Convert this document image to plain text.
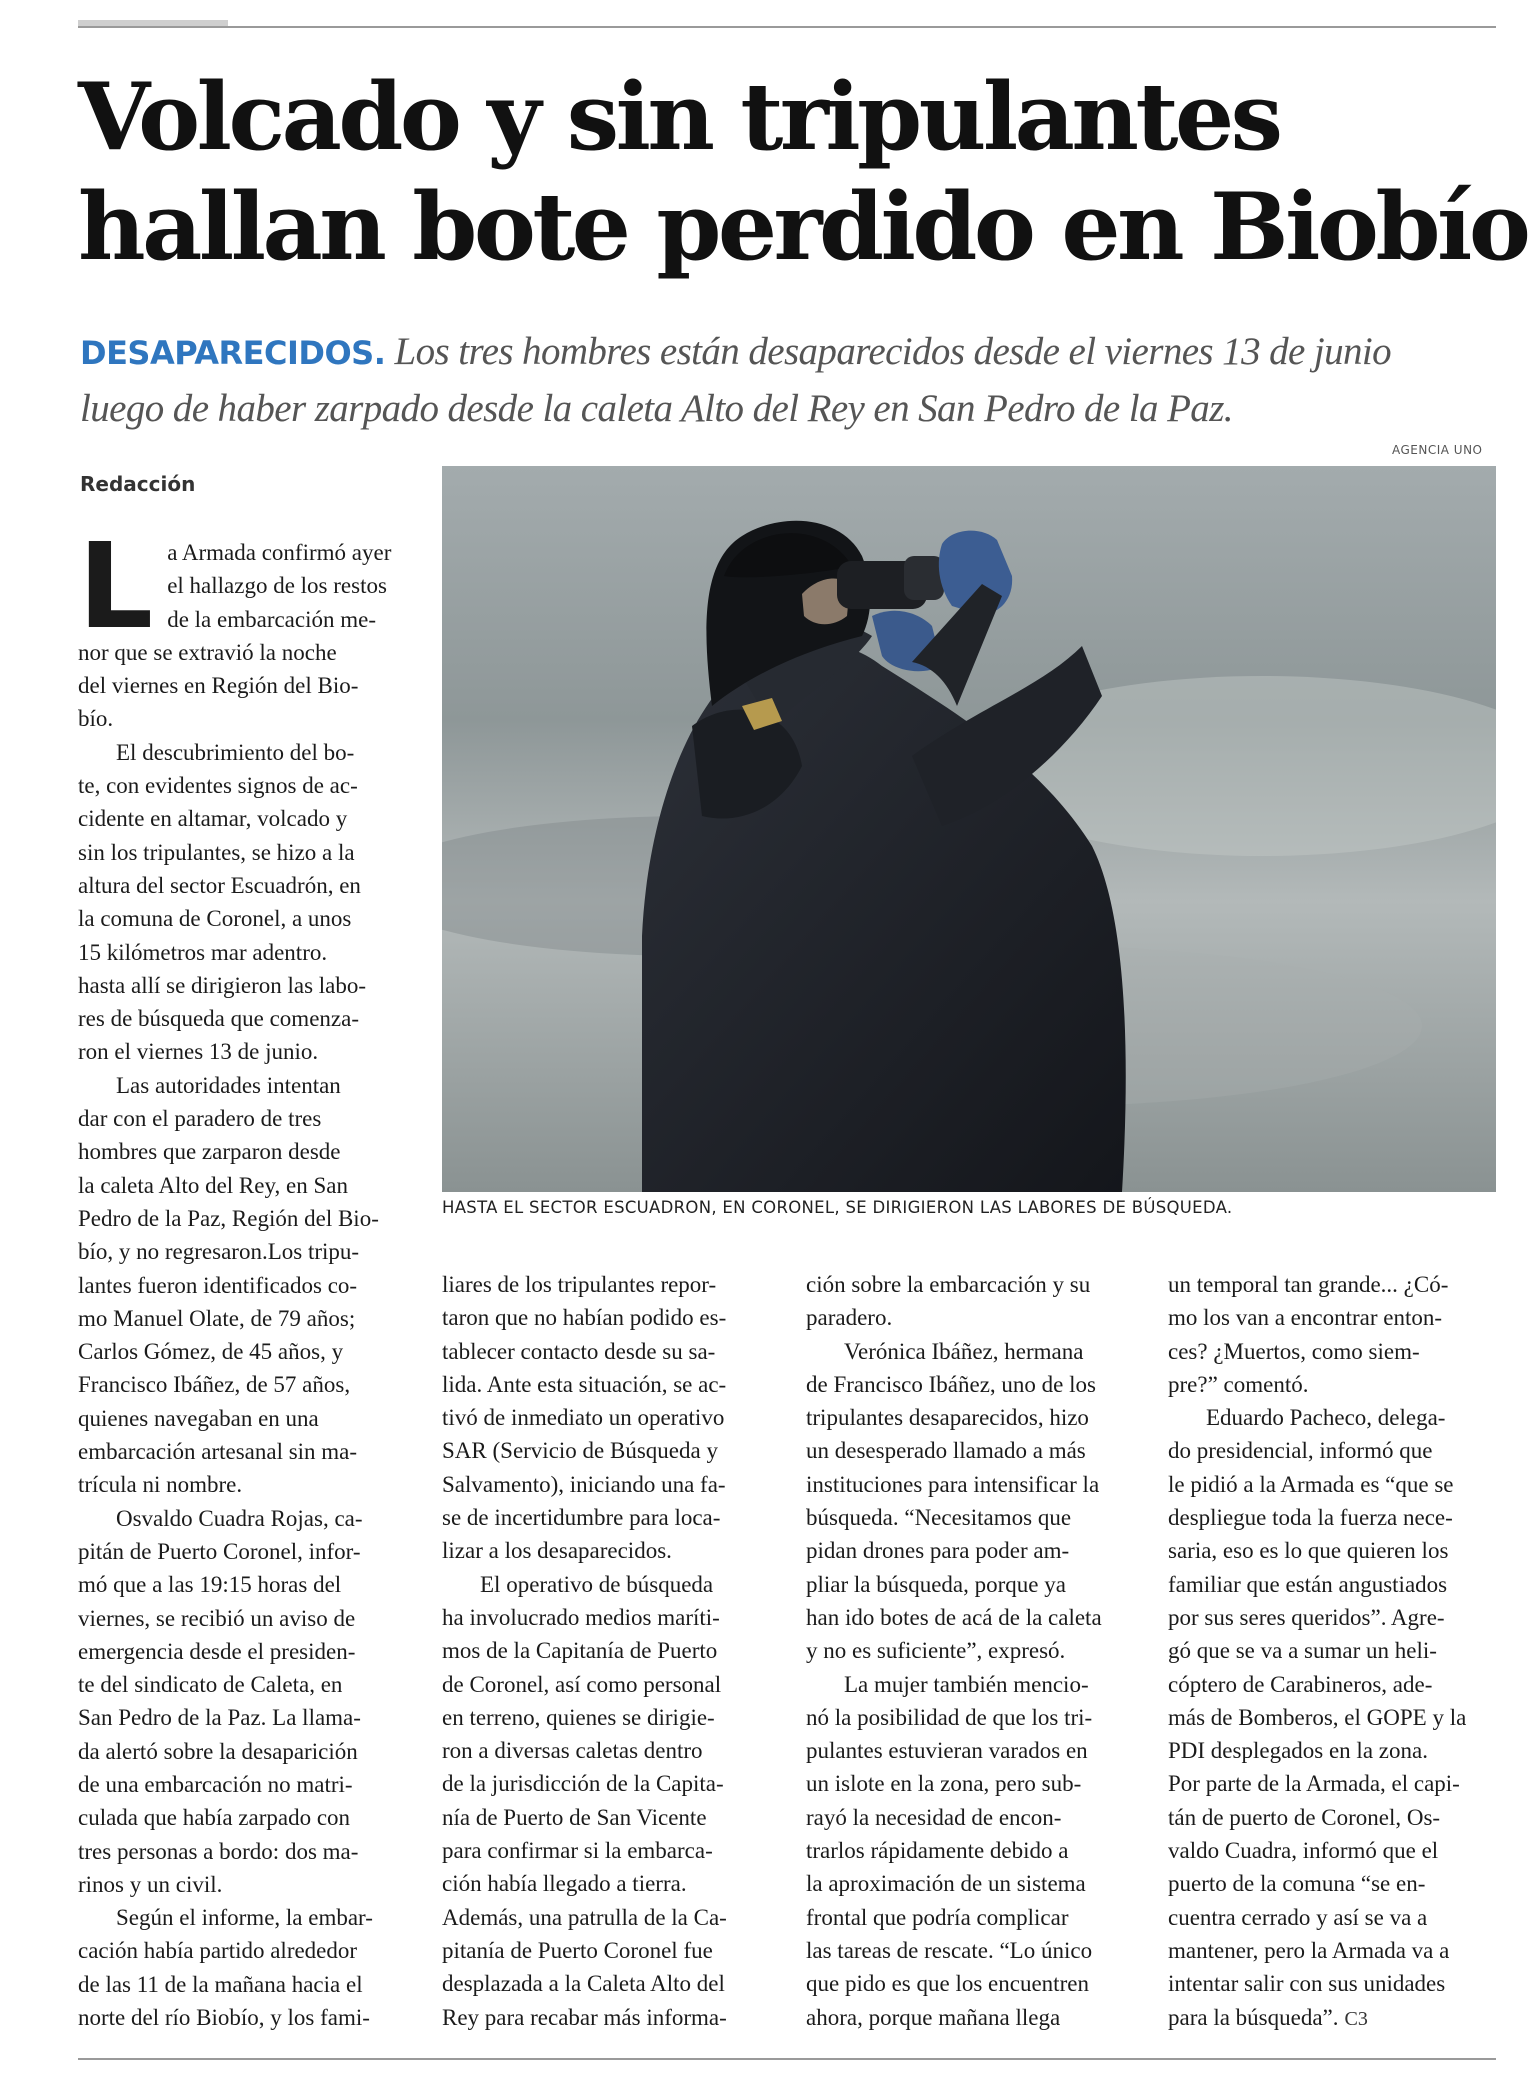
Volcado y sin tripulantes
hallan bote perdido en Biobío

DESAPARECIDOS. Los tres hombres están desaparecidos desde el viernes 13 de junio
luego de haber zarpado desde la caleta Alto del Rey en San Pedro de la Paz.

AGENCIA UNO

HASTA EL SECTOR ESCUADRON, EN CORONEL, SE DIRIGIERON LAS LABORES DE BÚSQUEDA.

Redacción

L a Armada confirmó ayer
el hallazgo de los restos
de la embarcación me-
nor que se extravió la noche
del viernes en Región del Bio-
bío.

El descubrimiento del bo-
te, con evidentes signos de ac-
cidente en altamar, volcado y
sin los tripulantes, se hizo a la
altura del sector Escuadrón, en
la comuna de Coronel, a unos
15 kilómetros mar adentro.
hasta allí se dirigieron las labo-
res de búsqueda que comenza-
ron el viernes 13 de junio.

Las autoridades intentan
dar con el paradero de tres
hombres que zarparon desde
la caleta Alto del Rey, en San
Pedro de la Paz, Región del Bio-
bío, y no regresaron.Los tripu-
lantes fueron identificados co-
mo Manuel Olate, de 79 años;
Carlos Gómez, de 45 años, y
Francisco Ibáñez, de 57 años,
quienes navegaban en una
embarcación artesanal sin ma-
trícula ni nombre.

Osvaldo Cuadra Rojas, ca-
pitán de Puerto Coronel, infor-
mó que a las 19:15 horas del
viernes, se recibió un aviso de
emergencia desde el presiden-
te del sindicato de Caleta, en
San Pedro de la Paz. La llama-
da alertó sobre la desaparición
de una embarcación no matri-
culada que había zarpado con
tres personas a bordo: dos ma-
rinos y un civil.

Según el informe, la embar-
cación había partido alrededor
de las 11 de la mañana hacia el
norte del río Biobío, y los fami-

liares de los tripulantes repor-
taron que no habían podido es-
tablecer contacto desde su sa-
lida. Ante esta situación, se ac-
tivó de inmediato un operativo
SAR (Servicio de Búsqueda y
Salvamento), iniciando una fa-
se de incertidumbre para loca-
lizar a los desaparecidos.

El operativo de búsqueda
ha involucrado medios maríti-
mos de la Capitanía de Puerto
de Coronel, así como personal
en terreno, quienes se dirigie-
ron a diversas caletas dentro
de la jurisdicción de la Capita-
nía de Puerto de San Vicente
para confirmar si la embarca-
ción había llegado a tierra.
Además, una patrulla de la Ca-
pitanía de Puerto Coronel fue
desplazada a la Caleta Alto del
Rey para recabar más informa-

ción sobre la embarcación y su
paradero.

Verónica Ibáñez, hermana
de Francisco Ibáñez, uno de los
tripulantes desaparecidos, hizo
un desesperado llamado a más
instituciones para intensificar la
búsqueda. “Necesitamos que
pidan drones para poder am-
pliar la búsqueda, porque ya
han ido botes de acá de la caleta
y no es suficiente”, expresó.

La mujer también mencio-
nó la posibilidad de que los tri-
pulantes estuvieran varados en
un islote en la zona, pero sub-
rayó la necesidad de encon-
trarlos rápidamente debido a
la aproximación de un sistema
frontal que podría complicar
las tareas de rescate. “Lo único
que pido es que los encuentren
ahora, porque mañana llega

un temporal tan grande... ¿Có-
mo los van a encontrar enton-
ces? ¿Muertos, como siem-
pre?” comentó.

Eduardo Pacheco, delega-
do presidencial, informó que
le pidió a la Armada es “que se
despliegue toda la fuerza nece-
saria, eso es lo que quieren los
familiar que están angustiados
por sus seres queridos”. Agre-
gó que se va a sumar un heli-
cóptero de Carabineros, ade-
más de Bomberos, el GOPE y la
PDI desplegados en la zona.
Por parte de la Armada, el capi-
tán de puerto de Coronel, Os-
valdo Cuadra, informó que el
puerto de la comuna “se en-
cuentra cerrado y así se va a
mantener, pero la Armada va a
intentar salir con sus unidades
para la búsqueda”. C3
